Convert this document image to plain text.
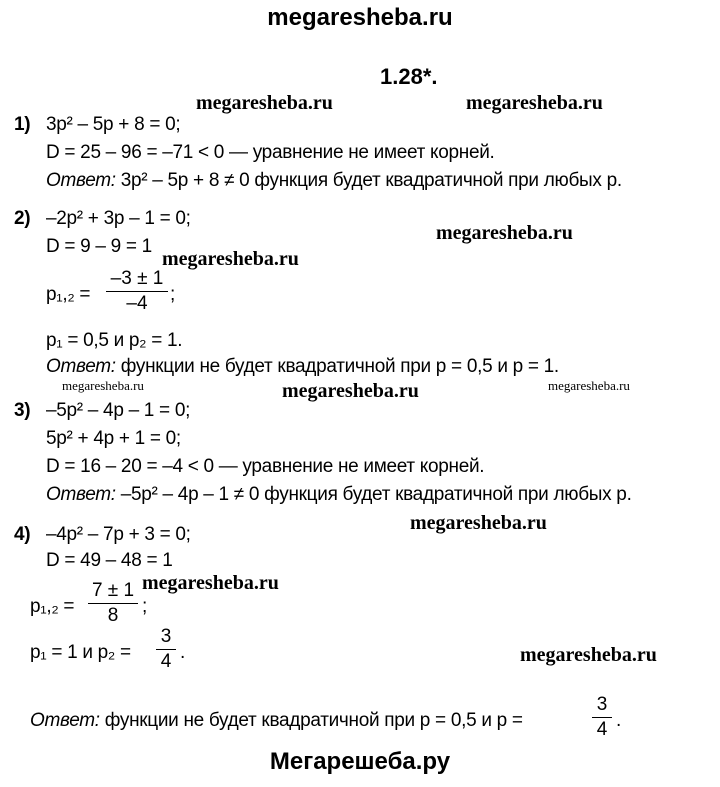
megaresheba.ru
1.28*.
megaresheba.ru	megaresheba.ru
megaresheba.ru
megaresheba.ru
megaresheba.ru	megaresheba.ru	megaresheba.ru
megaresheba.ru
megaresheba.ru
megaresheba.ru
1) 3p² – 5p + 8 = 0;
D = 25 – 96 = –71 < 0 — уравнение не имеет корней.
Ответ: 3p² – 5p + 8 ≠ 0 функция будет квадратичной при любых p.
2) –2p² + 3p – 1 = 0;
D = 9 – 9 = 1
p₁,₂ =
–3 ± 1
–4	;
p₁ = 0,5 и p₂ = 1.
Ответ: функции не будет квадратичной при p = 0,5 и p = 1.
3) –5p² – 4p – 1 = 0;
5p² + 4p + 1 = 0;
D = 16 – 20 = –4 < 0 — уравнение не имеет корней.
Ответ: –5p² – 4p – 1 ≠ 0 функция будет квадратичной при любых p.
4) –4p² – 7p + 3 = 0;
D = 49 – 48 = 1
p₁,₂ =
7 ± 1
8	;
p₁ = 1 и p₂ =
3
4 .
Ответ: функции не будет квадратичной при р = 0,5 и р =
3
4 .
Мегарешеба.ру
